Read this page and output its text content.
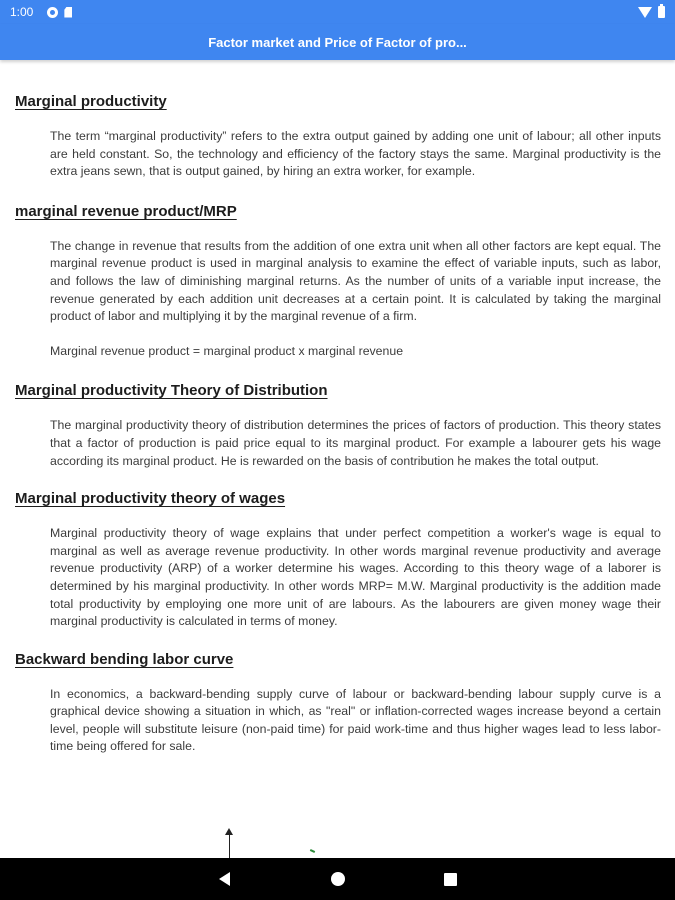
1:00
Factor market and Price of Factor of pro...
Marginal productivity

The term “marginal productivity” refers to the extra output gained by adding one unit of labour; all other inputs are held constant. So, the technology and efficiency of the factory stays the same. Marginal productivity is the extra jeans sewn, that is output gained, by hiring an extra worker, for example.

marginal revenue product/MRP

The change in revenue that results from the addition of one extra unit when all other factors are kept equal. The marginal revenue product is used in marginal analysis to examine the effect of variable inputs, such as labor, and follows the law of diminishing marginal returns. As the number of units of a variable input increase, the revenue generated by each addition unit decreases at a certain point. It is calculated by taking the marginal product of labor and multiplying it by the marginal revenue of a firm.

Marginal revenue product = marginal product x marginal revenue

Marginal productivity Theory of Distribution

The marginal productivity theory of distribution determines the prices of factors of production. This theory states that a factor of production is paid price equal to its marginal product. For example a labourer gets his wage according its marginal product. He is rewarded on the basis of contribution he makes the total output.

Marginal productivity theory of wages

Marginal productivity theory of wage explains that under perfect competition a worker's wage is equal to marginal as well as average revenue productivity. In other words marginal revenue productivity and average revenue productivity (ARP) of a worker determine his wages. According to this theory wage of a laborer is determined by his marginal productivity. In other words MRP= M.W. Marginal productivity is the addition made total productivity by employing one more unit of are labours. As the labourers are given money wage their marginal productivity is calculated in terms of money.

Backward bending labor curve

In economics, a backward-bending supply curve of labour or backward-bending labour supply curve is a graphical device showing a situation in which, as "real" or inflation-corrected wages increase beyond a certain level, people will substitute leisure (non-paid time) for paid work-time and thus higher wages lead to less labor-time being offered for sale.
